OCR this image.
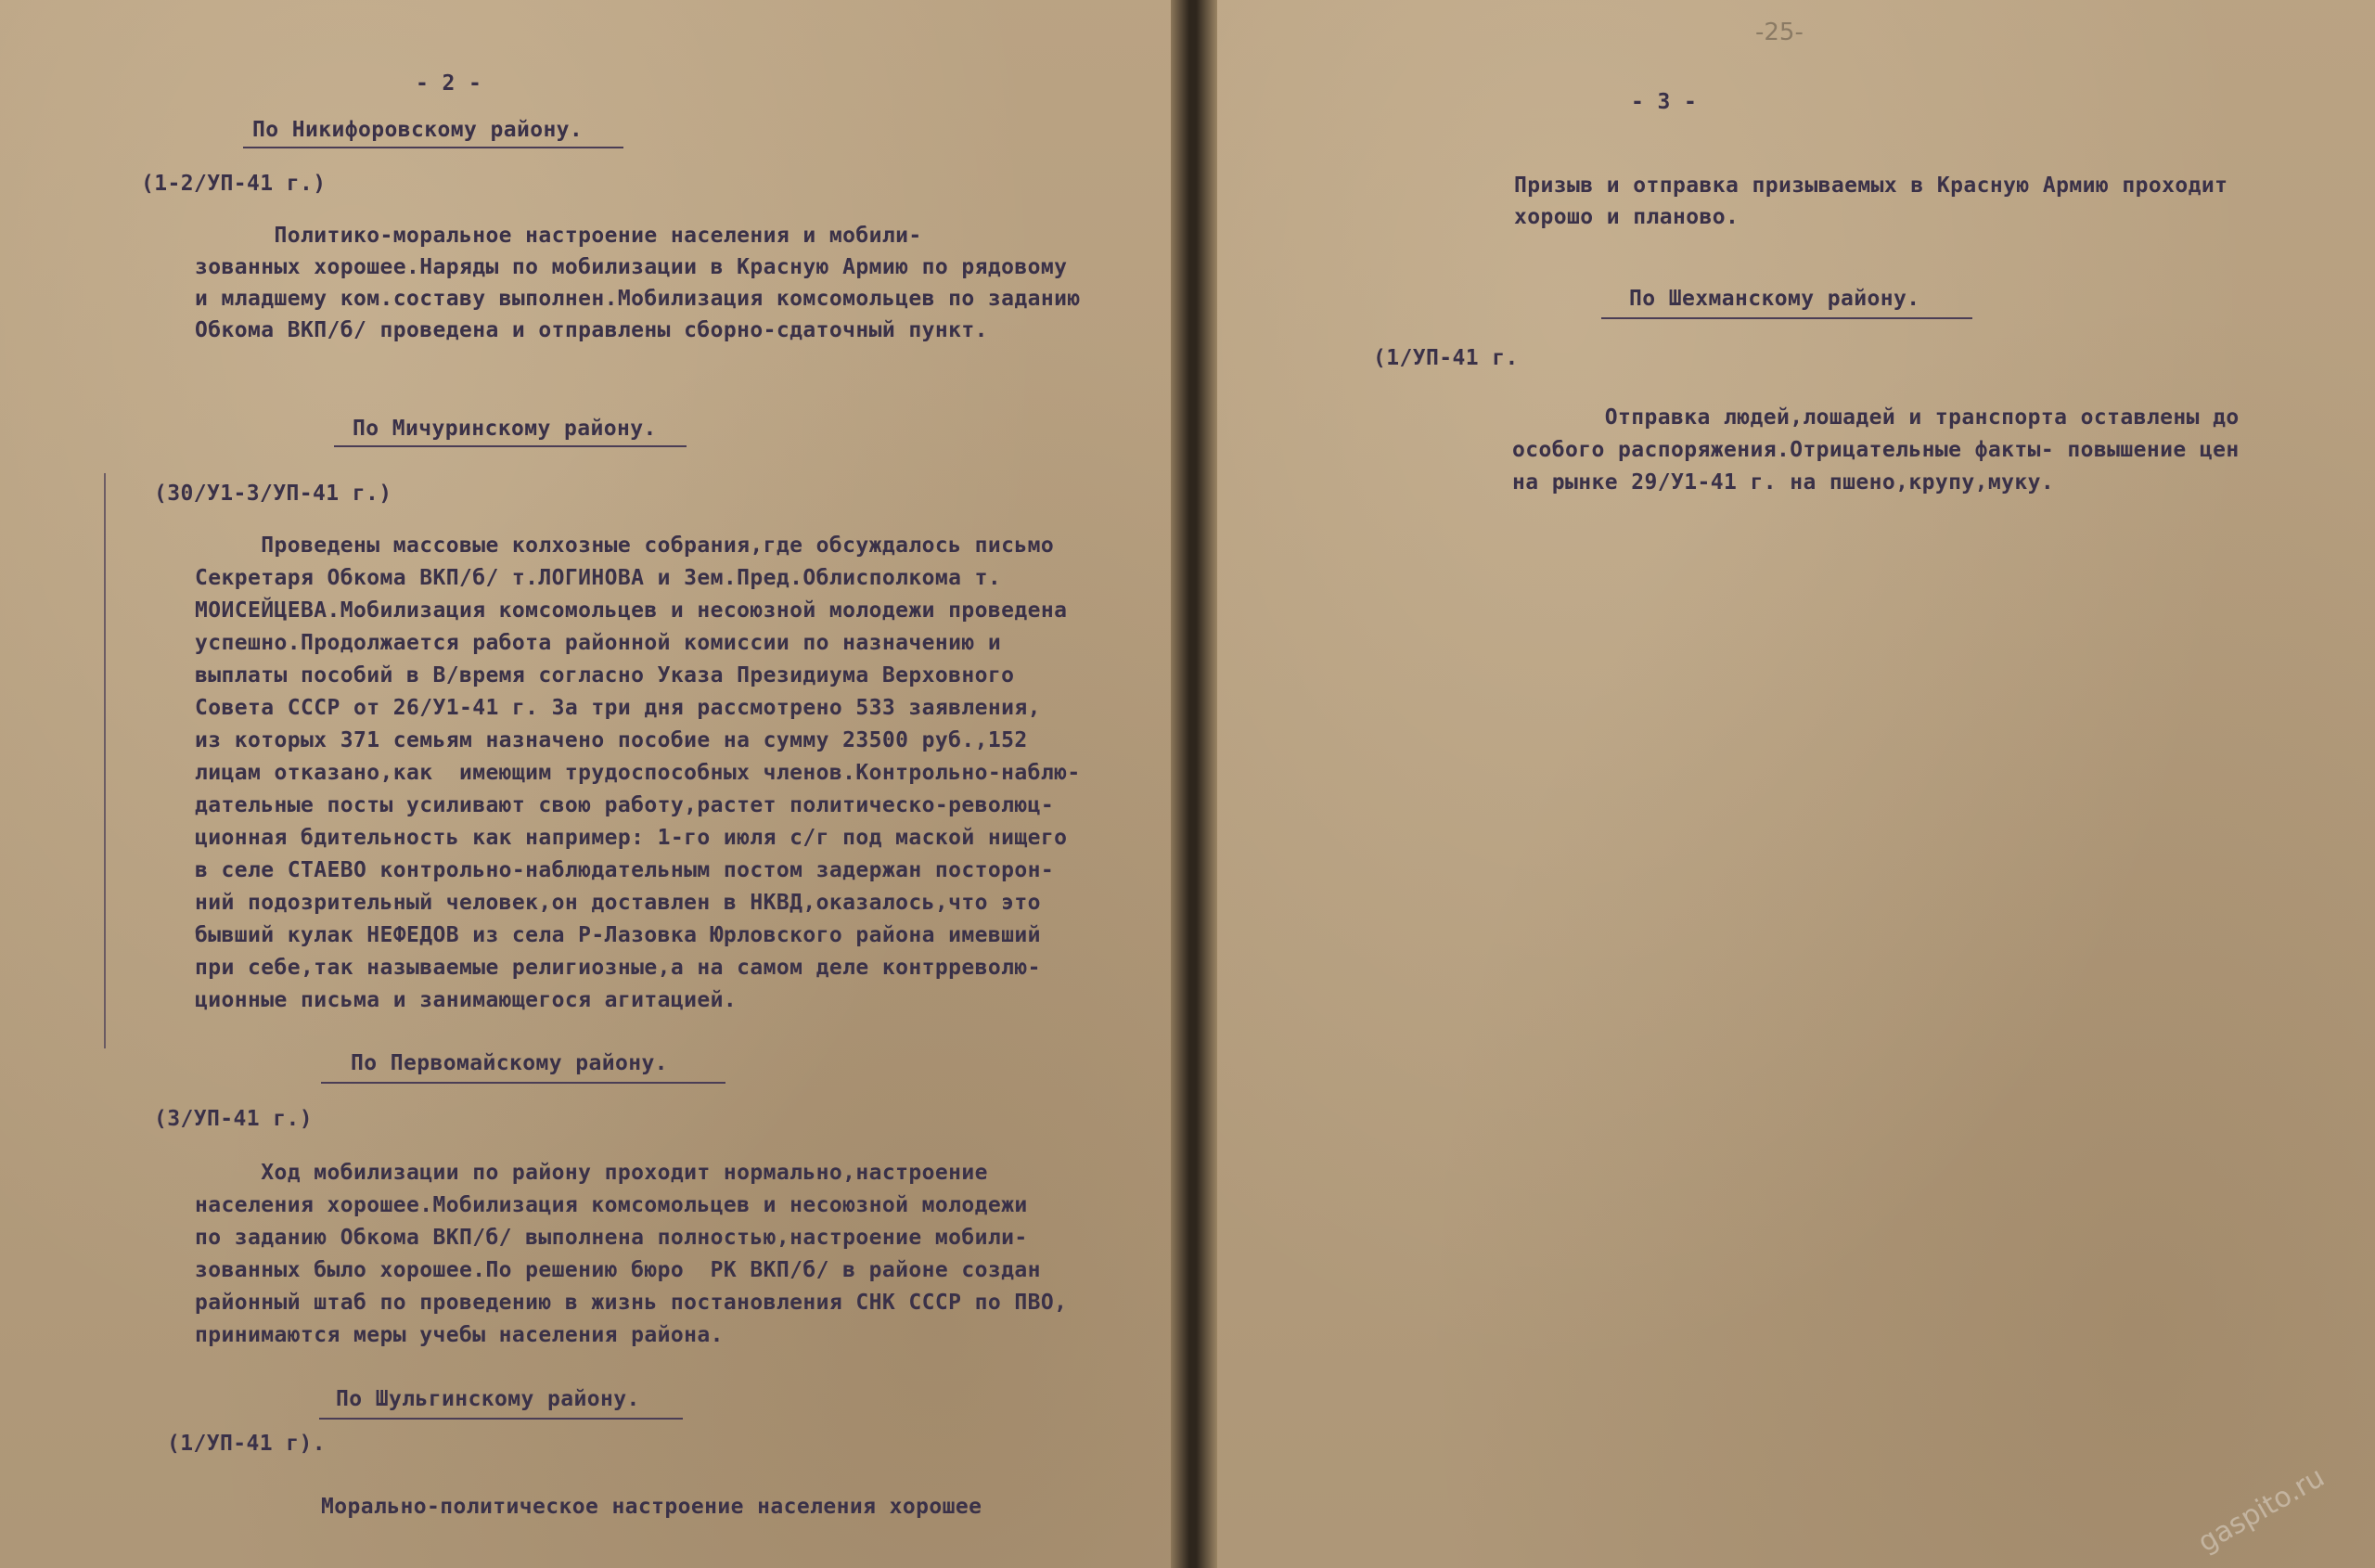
- 2 -
По Никифоровскому району.
(1-2/УП-41 г.)
Политико-моральное настроение населения и мобили-
зованных хорошее.Наряды по мобилизации в Красную Армию по рядовому
и младшему ком.составу выполнен.Мобилизация комсомольцев по заданию
Обкома ВКП/б/ проведена и отправлены сборно-сдаточный пункт.
По Мичуринскому району.
(30/У1-3/УП-41 г.)
Проведены массовые колхозные собрания,где обсуждалось письмо
Секретаря Обкома ВКП/б/ т.ЛОГИНОВА и Зем.Пред.Облисполкома т.
МОИСЕЙЦЕВА.Мобилизация комсомольцев и несоюзной молодежи проведена
успешно.Продолжается работа районной комиссии по назначению и
выплаты пособий в В/время согласно Указа Президиума Верховного
Совета СССР от 26/У1-41 г. За три дня рассмотрено 533 заявления,
из которых 371 семьям назначено пособие на сумму 23500 руб.,152
лицам отказано,как  имеющим трудоспособных членов.Контрольно-наблю-
дательные посты усиливают свою работу,растет политическо-революц-
ционная бдительность как например: 1-го июля с/г под маской нищего
в селе СТАЕВО контрольно-наблюдательным постом задержан посторон-
ний подозрительный человек,он доставлен в НКВД,оказалось,что это
бывший кулак НЕФЕДОВ из села Р-Лазовка Юрловского района имевший
при себе,так называемые религиозные,а на самом деле контрреволю-
ционные письма и занимающегося агитацией.
По Первомайскому району.
(3/УП-41 г.)
Ход мобилизации по району проходит нормально,настроение
населения хорошее.Мобилизация комсомольцев и несоюзной молодежи
по заданию Обкома ВКП/б/ выполнена полностью,настроение мобили-
зованных было хорошее.По решению бюро  РК ВКП/б/ в районе создан
районный штаб по проведению в жизнь постановления СНК СССР по ПВО,
принимаются меры учебы населения района.
По Шульгинскому району.
(1/УП-41 г).
Морально-политическое настроение населения хорошее
-25-
- 3 -
Призыв и отправка призываемых в Красную Армию проходит
хорошо и планово.
По Шехманскому району.
(1/УП-41 г.
Отправка людей,лошадей и транспорта оставлены до
особого распоряжения.Отрицательные факты- повышение цен
на рынке 29/У1-41 г. на пшено,крупу,муку.
gaspito.ru
